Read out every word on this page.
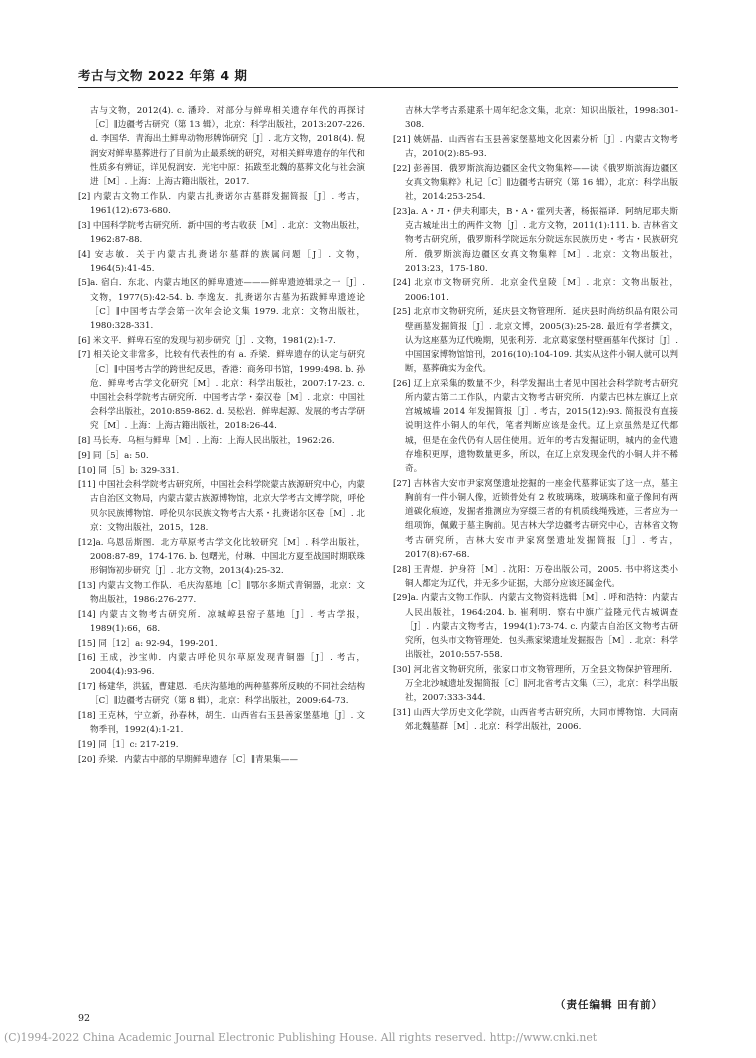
考古与文物 2022 年第 4 期

古与文物，2012(4). c. 潘玲．对部分与鲜卑相关遗存年代的再探讨［C］∥边疆考古研究（第 13 辑），北京：科学出版社，2013:207-226. d. 李国华．青海出土鲜卑动物形牌饰研究［J］. 北方文物，2018(4). 倪润安对鲜卑墓葬进行了目前为止最系统的研究，对相关鲜卑遗存的年代和性质多有辨证，详见倪润安．光宅中原：拓跋至北魏的墓葬文化与社会演进［M］. 上海：上海古籍出版社，2017.

[2] 内蒙古文物工作队．内蒙古扎赉诺尔古墓群发掘简报［J］. 考古，1961(12):673-680.

[3] 中国科学院考古研究所．新中国的考古收获［M］. 北京：文物出版社，1962:87-88.

[4] 安志敏．关于内蒙古扎赉诺尔墓群的族属问题［J］. 文物，1964(5):41-45.

[5]a. 宿白．东北、内蒙古地区的鲜卑遗迹———鲜卑遗迹辑录之一［J］. 文物，1977(5):42-54. b. 李逸友．扎赉诺尔古墓为拓跋鲜卑遗迹论［C］∥中国考古学会第一次年会论文集 1979. 北京：文物出版社，1980:328-331.

[6] 米文平．鲜卑石室的发现与初步研究［J］. 文物，1981(2):1-7.

[7] 相关论文非常多，比较有代表性的有 a. 乔梁．鲜卑遗存的认定与研究［C］∥中国考古学的跨世纪反思，香港：商务印书馆，1999:498. b. 孙危．鲜卑考古学文化研究［M］. 北京：科学出版社，2007:17-23. c. 中国社会科学院考古研究所．中国考古学・秦汉卷［M］. 北京：中国社会科学出版社，2010:859-862. d. 吴松岩．鲜卑起源、发展的考古学研究［M］. 上海：上海古籍出版社，2018:26-44.

[8] 马长寿．乌桓与鲜卑［M］. 上海：上海人民出版社，1962:26.

[9] 同［5］a: 50.

[10] 同［5］b: 329-331.

[11] 中国社会科学院考古研究所，中国社会科学院蒙古族源研究中心，内蒙古自治区文物局，内蒙古蒙古族源博物馆，北京大学考古文博学院，呼伦贝尔民族博物馆．呼伦贝尔民族文物考古大系・扎赉诺尔区卷［M］. 北京：文物出版社，2015，128.

[12]a. 乌恩岳斯图．北方草原考古学文化比较研究［M］. 科学出版社，2008:87-89，174-176. b. 包曙光，付琳．中国北方夏至战国时期联珠形铜饰初步研究［J］. 北方文物，2013(4):25-32.

[13] 内蒙古文物工作队．毛庆沟墓地［C］∥鄂尔多斯式青铜器，北京：文物出版社，1986:276-277.

[14] 内蒙古文物考古研究所．凉城崞县窑子墓地［J］. 考古学报，1989(1):66，68.

[15] 同［12］a: 92-94，199-201.

[16] 王成，沙宝帅．内蒙古呼伦贝尔草原发现青铜器［J］. 考古，2004(4):93-96.

[17] 杨建华，洪猛，曹建恩．毛庆沟墓地的两种墓葬所反映的不同社会结构［C］∥边疆考古研究（第 8 辑），北京：科学出版社，2009:64-73.

[18] 王克林，宁立新，孙春林，胡生．山西省右玉县善家堡墓地［J］. 文物季刊，1992(4):1-21.

[19] 同［1］c: 217-219.

[20] 乔梁．内蒙古中部的早期鲜卑遗存［C］∥青果集——

吉林大学考古系建系十周年纪念文集，北京：知识出版社，1998:301-308.

[21] 姚妍晶．山西省右玉县善家堡墓地文化因素分析［J］. 内蒙古文物考古，2010(2):85-93.

[22] 彭善国．俄罗斯滨海边疆区金代文物集粹——读《俄罗斯滨海边疆区女真文物集粹》札记［C］∥边疆考古研究（第 16 辑），北京：科学出版社，2014:253-254.

[23]a. A・Л・伊夫利耶夫，B・A・霍列夫著，杨振福译．阿纳尼耶夫斯克古城址出土的两件文物［J］. 北方文物，2011(1):111. b. 吉林省文物考古研究所，俄罗斯科学院远东分院远东民族历史・考古・民族研究所．俄罗斯滨海边疆区女真文物集粹［M］. 北京：文物出版社，2013:23，175-180.

[24] 北京市文物研究所．北京金代皇陵［M］. 北京：文物出版社，2006:101.

[25] 北京市文物研究所，延庆县文物管理所．延庆县时尚纺织品有限公司壁画墓发掘简报［J］. 北京文博，2005(3):25-28. 最近有学者撰文，认为这座墓为辽代晚期，见张利芳．北京葛家堡村壁画墓年代探讨［J］. 中国国家博物馆馆刊，2016(10):104-109. 其实从这件小铜人就可以判断，墓葬确实为金代。

[26] 辽上京采集的数量不少，科学发掘出土者见中国社会科学院考古研究所内蒙古第二工作队，内蒙古文物考古研究所．内蒙古巴林左旗辽上京宫城城墙 2014 年发掘简报［J］. 考古，2015(12):93. 简报没有直接说明这件小铜人的年代，笔者判断应该是金代。辽上京虽然是辽代都城，但是在金代仍有人居住使用。近年的考古发掘证明，城内的金代遗存堆积更厚，遗物数量更多，所以，在辽上京发现金代的小铜人并不稀奇。

[27] 吉林省大安市尹家窝堡遗址挖掘的一座金代墓葬证实了这一点，墓主胸前有一件小铜人像，近锁骨处有 2 枚玻璃珠，玻璃珠和童子像间有两道碳化痕迹，发掘者推测应为穿缀三者的有机质线绳残迹，三者应为一组项饰，佩戴于墓主胸前。见吉林大学边疆考古研究中心，吉林省文物考古研究所，吉林大安市尹家窝堡遗址发掘简报［J］. 考古，2017(8):67-68.

[28] 王青煜．护身符［M］. 沈阳：万卷出版公司，2005. 书中将这类小铜人都定为辽代，并无多少证据，大部分应该还属金代。

[29]a. 内蒙古文物工作队．内蒙古文物资料选辑［M］. 呼和浩特：内蒙古人民出版社，1964:204. b. 崔利明．察右中旗广益隆元代古城调查［J］. 内蒙古文物考古，1994(1):73-74. c. 内蒙古自治区文物考古研究所，包头市文物管理处．包头燕家梁遗址发掘报告［M］. 北京：科学出版社，2010:557-558.

[30] 河北省文物研究所，张家口市文物管理所，万全县文物保护管理所．万全北沙城遗址发掘简报［C］∥河北省考古文集（三），北京：科学出版社，2007:333-344.

[31] 山西大学历史文化学院，山西省考古研究所，大同市博物馆．大同南郊北魏墓群［M］. 北京：科学出版社，2006.

（责任编辑 田有前）
92
(C)1994-2022 China Academic Journal Electronic Publishing House. All rights reserved. http://www.cnki.net
